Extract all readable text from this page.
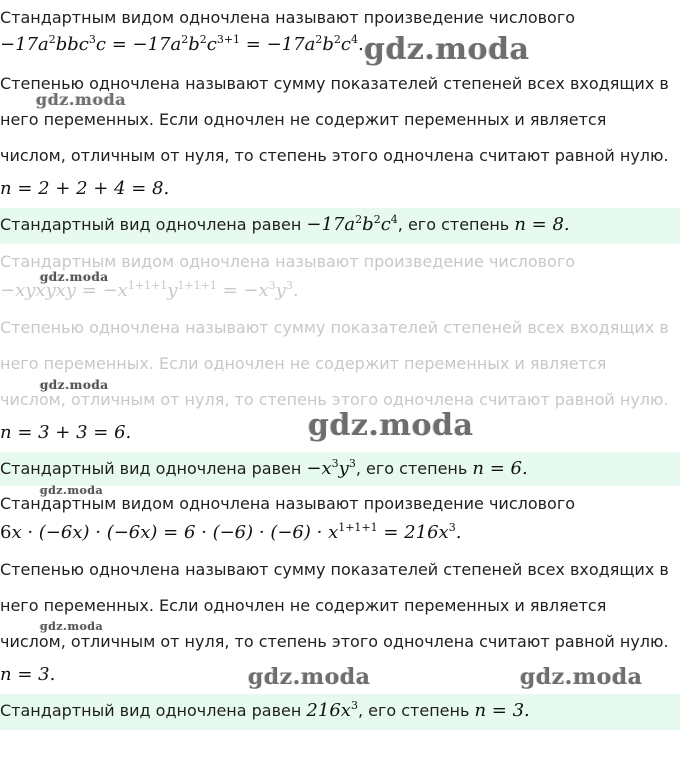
Стандартным видом одночлена называют произведение числового
$-17a^2bbc^3c = -17a^2b^2c^{3+1} = -17a^2b^2c^4$.
Степенью одночлена называют сумму показателей степеней всех входящих в
него переменных. Если одночлен не содержит переменных и является
числом, отличным от нуля, то степень этого одночлена считают равной нулю.
n = 2 + 2 + 4 = 8.
Стандартный вид одночлена равен $-17a^2b^2c^4$, его степень n = 8.
Стандартным видом одночлена называют произведение числового
−xyxyxy = $-x^{1+1+1}y^{1+1+1} = -x^3y^3$.
Степенью одночлена называют сумму показателей степеней всех входящих в
него переменных. Если одночлен не содержит переменных и является
числом, отличным от нуля, то степень этого одночлена считают равной нулю.
n = 3 + 3 = 6.
Стандартный вид одночлена равен $-x^3y^3$, его степень n = 6.
Стандартным видом одночлена называют произведение числового
$6x \cdot (-6x) \cdot (-6x) = 6 \cdot (-6) \cdot (-6) \cdot x^{1+1+1} = 216x^3$.
Степенью одночлена называют сумму показателей степеней всех входящих в
него переменных. Если одночлен не содержит переменных и является
числом, отличным от нуля, то степень этого одночлена считают равной нулю.
n = 3.
Стандартный вид одночлена равен $216x^3$, его степень n = 3.
gdz.moda
gdz.moda
gdz.moda
gdz.moda
gdz.moda
gdz.moda
gdz.moda
gdz.moda	gdz.moda
